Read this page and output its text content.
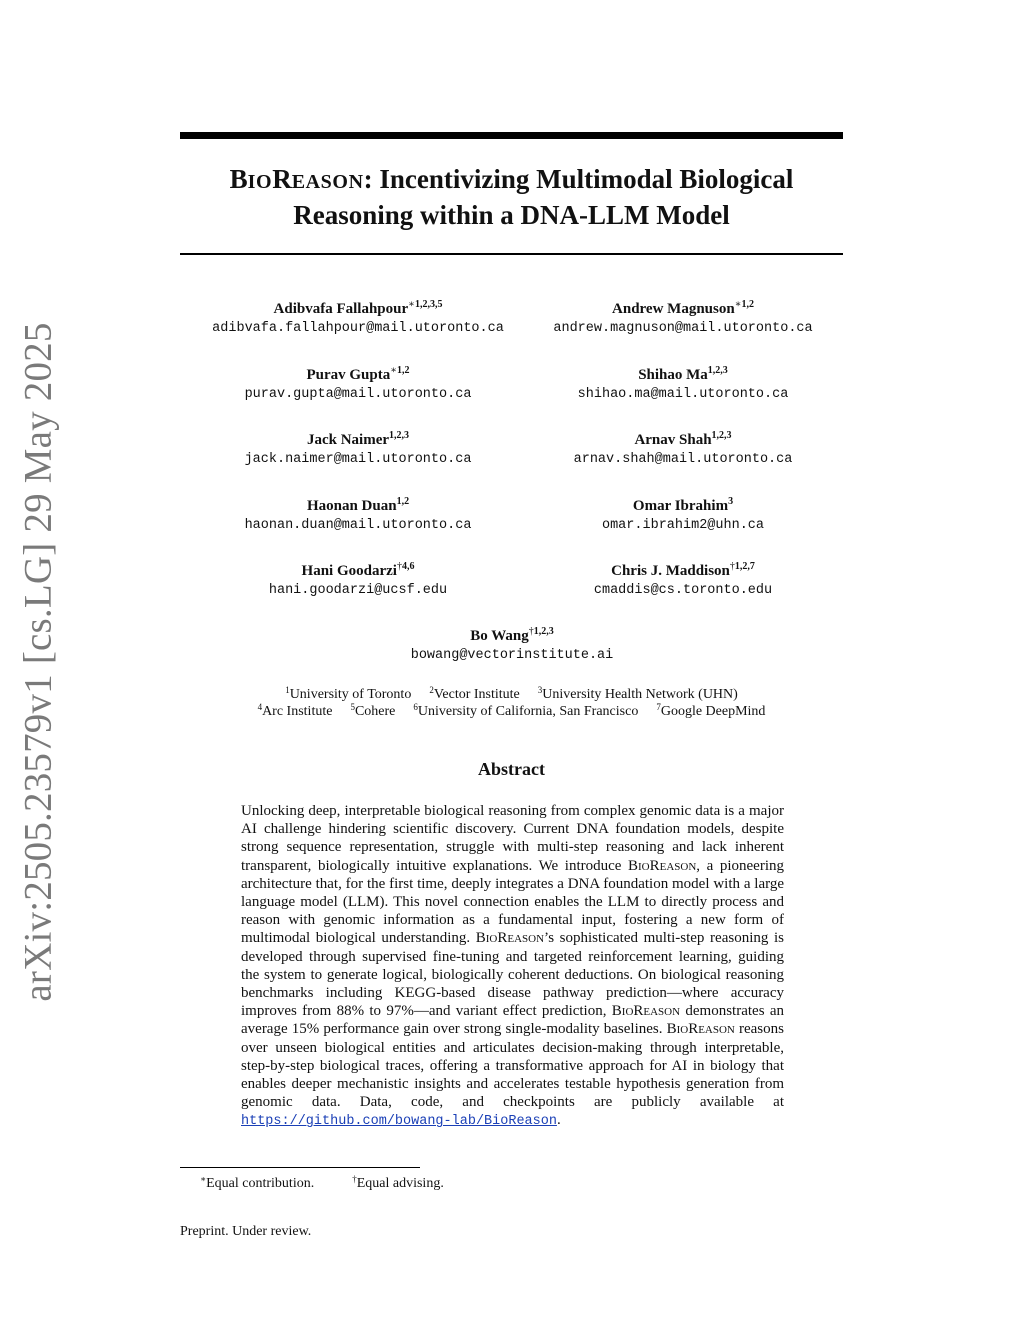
arXiv:2505.23579v1 [cs.LG] 29 May 2025
BIOREASON: Incentivizing Multimodal Biological
Reasoning within a DNA-LLM Model
Adibvafa Fallahpour$^{∗1,2,3,5}$
adibvafa.fallahpour@mail.utoronto.ca
Andrew Magnuson$^{∗1,2}$
andrew.magnuson@mail.utoronto.ca
Purav Gupta$^{∗1,2}$
purav.gupta@mail.utoronto.ca
Shihao Ma$^{1,2,3}$
shihao.ma@mail.utoronto.ca
Jack Naimer$^{1,2,3}$
jack.naimer@mail.utoronto.ca
Arnav Shah$^{1,2,3}$
arnav.shah@mail.utoronto.ca
Haonan Duan$^{1,2}$
haonan.duan@mail.utoronto.ca
Omar Ibrahim$^3$
omar.ibrahim2@uhn.ca
Hani Goodarzi$^{\dagger 4,6}$
hani.goodarzi@ucsf.edu
Chris J. Maddison$^{\dagger 1,2,7}$
cmaddis@cs.toronto.edu
Bo Wang$^{\dagger 1,2,3}$
bowang@vectorinstitute.ai
$^1$University of Toronto $^2$Vector Institute $^3$University Health Network (UHN)
$^4$Arc Institute $^5$Cohere $^6$University of California, San Francisco $^7$Google DeepMind
Abstract

Unlocking deep, interpretable biological reasoning from complex genomic data is a major AI challenge hindering scientific discovery. Current DNA foundation models, despite strong sequence representation, struggle with multi-step reasoning and lack inherent transparent, biologically intuitive explanations. We introduce BioReason, a pioneering architecture that, for the first time, deeply integrates a DNA foundation model with a large language model (LLM). This novel connection enables the LLM to directly process and reason with genomic information as a fundamental input, fostering a new form of multimodal biological understanding. BioReason’s sophisticated multi-step reasoning is developed through supervised fine-tuning and targeted reinforcement learning, guiding the system to generate logical, biologically coherent deductions. On biological reasoning benchmarks including KEGG-based disease pathway prediction—where accuracy improves from 88% to 97%—and variant effect prediction, BioReason demonstrates an average 15% performance gain over strong single-modality baselines. BioReason reasons over unseen biological entities and articulates decision-making through interpretable, step-by-step biological traces, offering a transformative approach for AI in biology that enables deeper mechanistic insights and accelerates testable hypothesis generation from genomic data. Data, code, and checkpoints are publicly available at https://github.com/bowang-lab/BioReason.

∗Equal contribution.	†Equal advising.
Preprint. Under review.
